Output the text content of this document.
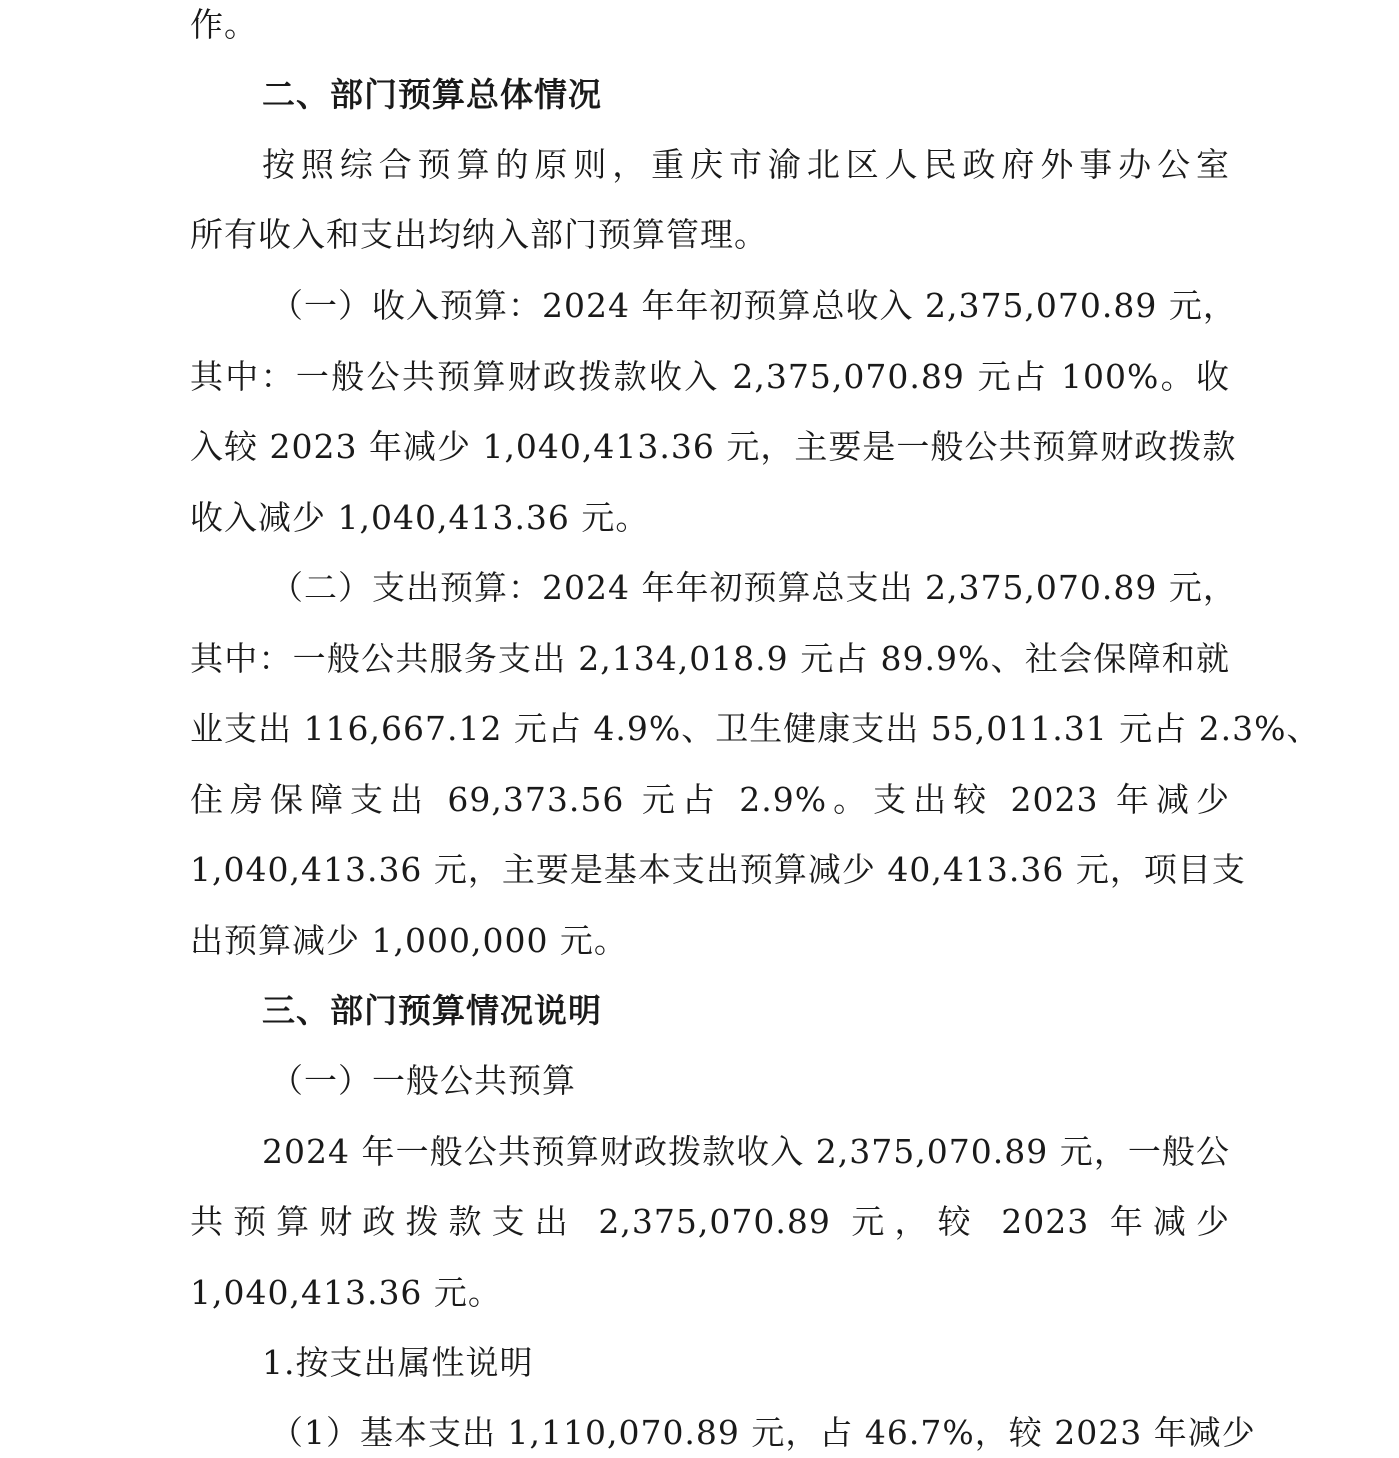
作。
二、部门预算总体情况
按照综合预算的原则，重庆市渝北区人民政府外事办公室
所有收入和支出均纳入部门预算管理。
（一）收入预算：2024 年年初预算总收入 2,375,070.89 元，
其中：一般公共预算财政拨款收入 2,375,070.89 元占 100%。收
入较 2023 年减少 1,040,413.36 元，主要是一般公共预算财政拨款
收入减少 1,040,413.36 元。
（二）支出预算：2024 年年初预算总支出 2,375,070.89 元，
其中：一般公共服务支出 2,134,018.9 元占 89.9%、社会保障和就
业支出 116,667.12 元占 4.9%、卫生健康支出 55,011.31 元占 2.3%、
住房保障支出 69,373.56 元占 2.9%。支出较 2023 年减少
1,040,413.36 元，主要是基本支出预算减少 40,413.36 元，项目支
出预算减少 1,000,000 元。
三、部门预算情况说明
（一）一般公共预算
2024 年一般公共预算财政拨款收入 2,375,070.89 元，一般公
共预算财政拨款支出 2,375,070.89 元，较 2023 年减少
1,040,413.36 元。
1.按支出属性说明
（1）基本支出 1,110,070.89 元，占 46.7%，较 2023 年减少
